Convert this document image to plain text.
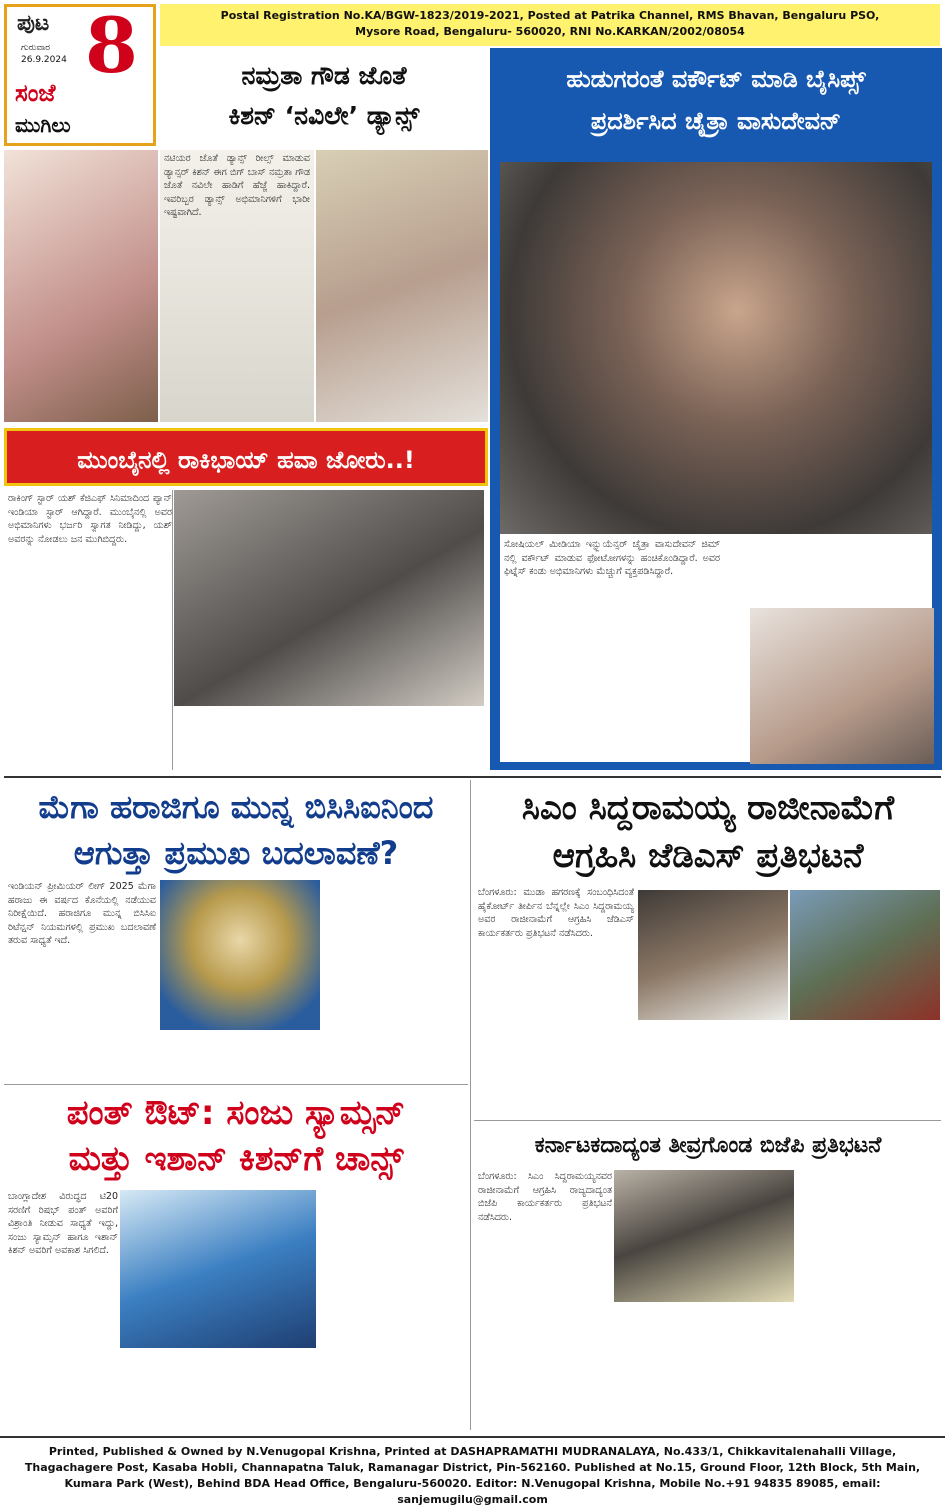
ಪುಟ 8
ಗುರುವಾರ
26.9.2024
ಸಂಜೆ
ಮುಗಿಲು
Postal Registration No.KA/BGW-1823/2019-2021, Posted at Patrika Channel, RMS Bhavan, Bengaluru PSO, Mysore Road, Bengaluru- 560020, RNI No.KARKAN/2002/08054
ನಮ್ರತಾ ಗೌಡ ಜೊತೆ
ಕಿಶನ್ ‘ನವಿಲೇ’ ಡ್ಯಾನ್ಸ್
ಹುಡುಗರಂತೆ ವರ್ಕೌಟ್ ಮಾಡಿ ಬೈಸಿಪ್ಸ್
ಪ್ರದರ್ಶಿಸಿದ ಚೈತ್ರಾ ವಾಸುದೇವನ್

ನಟಿಯರ ಜೊತೆ ಡ್ಯಾನ್ಸ್ ರೀಲ್ಸ್ ಮಾಡುವ ಡ್ಯಾನ್ಸರ್ ಕಿಶನ್ ಈಗ ಬಿಗ್ ಬಾಸ್ ನಮ್ರತಾ ಗೌಡ ಜೊತೆ ನವಿಲೇ ಹಾಡಿಗೆ ಹೆಜ್ಜೆ ಹಾಕಿದ್ದಾರೆ. ಇವರಿಬ್ಬರ ಡ್ಯಾನ್ಸ್ ಅಭಿಮಾನಿಗಳಿಗೆ ಭಾರೀ ಇಷ್ಟವಾಗಿದೆ.

ಮುಂಬೈನಲ್ಲಿ ರಾಕಿಭಾಯ್ ಹವಾ ಜೋರು..!

ರಾಕಿಂಗ್ ಸ್ಟಾರ್ ಯಶ್ ಕೆಜಿಎಫ್ ಸಿನಿಮಾದಿಂದ ಪ್ಯಾನ್ ಇಂಡಿಯಾ ಸ್ಟಾರ್ ಆಗಿದ್ದಾರೆ. ಮುಂಬೈನಲ್ಲಿ ಅವರ ಅಭಿಮಾನಿಗಳು ಭರ್ಜರಿ ಸ್ವಾಗತ ನೀಡಿದ್ದು, ಯಶ್ ಅವರನ್ನು ನೋಡಲು ಜನ ಮುಗಿಬಿದ್ದರು.	ಸೋಷಿಯಲ್ ಮೀಡಿಯಾ ಇನ್ಫ್ಲುಯೆನ್ಸರ್ ಚೈತ್ರಾ ವಾಸುದೇವನ್ ಜಿಮ್ ನಲ್ಲಿ ವರ್ಕೌಟ್ ಮಾಡುವ ಫೋಟೋಗಳನ್ನು ಹಂಚಿಕೊಂಡಿದ್ದಾರೆ. ಅವರ ಫಿಟ್ನೆಸ್ ಕಂಡು ಅಭಿಮಾನಿಗಳು ಮೆಚ್ಚುಗೆ ವ್ಯಕ್ತಪಡಿಸಿದ್ದಾರೆ.

ಮೆಗಾ ಹರಾಜಿಗೂ ಮುನ್ನ ಬಿಸಿಸಿಐನಿಂದ
ಆಗುತ್ತಾ ಪ್ರಮುಖ ಬದಲಾವಣೆ?

ಇಂಡಿಯನ್ ಪ್ರೀಮಿಯರ್ ಲೀಗ್ 2025 ಮೆಗಾ ಹರಾಜು ಈ ವರ್ಷದ ಕೊನೆಯಲ್ಲಿ ನಡೆಯುವ ನಿರೀಕ್ಷೆಯಿದೆ. ಹರಾಜಿಗೂ ಮುನ್ನ ಬಿಸಿಸಿಐ ರಿಟೆನ್ಷನ್ ನಿಯಮಗಳಲ್ಲಿ ಪ್ರಮುಖ ಬದಲಾವಣೆ ತರುವ ಸಾಧ್ಯತೆ ಇದೆ.

ಸಿಎಂ ಸಿದ್ದರಾಮಯ್ಯ ರಾಜೀನಾಮೆಗೆ
ಆಗ್ರಹಿಸಿ ಜೆಡಿಎಸ್ ಪ್ರತಿಭಟನೆ

ಬೆಂಗಳೂರು: ಮುಡಾ ಹಗರಣಕ್ಕೆ ಸಂಬಂಧಿಸಿದಂತೆ ಹೈಕೋರ್ಟ್ ತೀರ್ಪಿನ ಬೆನ್ನಲ್ಲೇ ಸಿಎಂ ಸಿದ್ದರಾಮಯ್ಯ ಅವರ ರಾಜೀನಾಮೆಗೆ ಆಗ್ರಹಿಸಿ ಜೆಡಿಎಸ್ ಕಾರ್ಯಕರ್ತರು ಪ್ರತಿಭಟನೆ ನಡೆಸಿದರು.

ಪಂತ್ ಔಟ್: ಸಂಜು ಸ್ಯಾಮ್ಸನ್
ಮತ್ತು ಇಶಾನ್ ಕಿಶನ್‌ಗೆ ಚಾನ್ಸ್

ಬಾಂಗ್ಲಾದೇಶ ವಿರುದ್ಧದ ಟಿ20 ಸರಣಿಗೆ ರಿಷಭ್ ಪಂತ್ ಅವರಿಗೆ ವಿಶ್ರಾಂತಿ ನೀಡುವ ಸಾಧ್ಯತೆ ಇದ್ದು, ಸಂಜು ಸ್ಯಾಮ್ಸನ್ ಹಾಗೂ ಇಶಾನ್ ಕಿಶನ್ ಅವರಿಗೆ ಅವಕಾಶ ಸಿಗಲಿದೆ.

ಕರ್ನಾಟಕದಾದ್ಯಂತ ತೀವ್ರಗೊಂಡ ಬಿಜೆಪಿ ಪ್ರತಿಭಟನೆ

ಬೆಂಗಳೂರು: ಸಿಎಂ ಸಿದ್ದರಾಮಯ್ಯನವರ ರಾಜೀನಾಮೆಗೆ ಆಗ್ರಹಿಸಿ ರಾಜ್ಯದಾದ್ಯಂತ ಬಿಜೆಪಿ ಕಾರ್ಯಕರ್ತರು ಪ್ರತಿಭಟನೆ ನಡೆಸಿದರು.

Printed, Published & Owned by N.Venugopal Krishna, Printed at DASHAPRAMATHI MUDRANALAYA, No.433/1, Chikkavitalenahalli Village, Thagachagere Post, Kasaba Hobli, Channapatna Taluk, Ramanagar District, Pin-562160. Published at No.15, Ground Floor, 12th Block, 5th Main, Kumara Park (West), Behind BDA Head Office, Bengaluru-560020. Editor: N.Venugopal Krishna, Mobile No.+91 94835 89085, email: sanjemugilu@gmail.com
